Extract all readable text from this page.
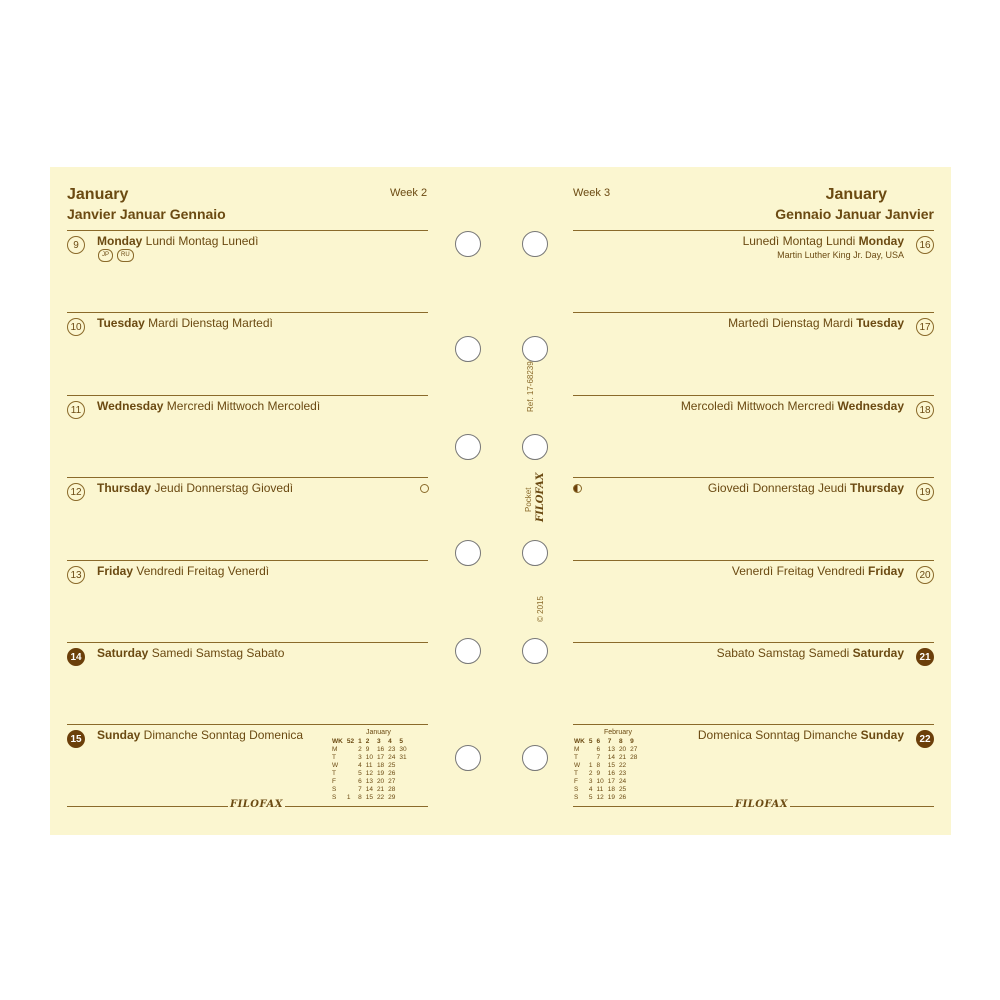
January
Janvier Januar Gennaio
Week 2	January
Gennaio Januar Janvier
Week 3
9	Monday Lundi Montag Lunedì
JP	RU
10 Tuesday Mardi Dienstag Martedì
11	Wednesday Mercredi Mittwoch Mercoledì
12 Thursday Jeudi Donnerstag Giovedì
13 Friday Vendredi Freitag Venerdì
14 Saturday Samedi Samstag Sabato
15 Sunday Dimanche Sonntag Domenica
16
Lunedì Montag Lundi Monday
Martin Luther King Jr. Day, USA
17
Martedì Dienstag Mardi Tuesday
18
Mercoledì Mittwoch Mercredi Wednesday
19
Giovedì Donnerstag Jeudi Thursday
20
Venerdì Freitag Vendredi Friday
21
Sabato Samstag Samedi Saturday
22
Domenica Sonntag Dimanche Sunday
FILOFAX	FILOFAX
January
WK	52	1	2	3	4	5
M		2	9	16	23	30
T		3	10	17	24	31
W		4	11	18	25	
T		5	12	19	26	
F		6	13	20	27	
S		7	14	21	28	
S	1	8	15	22	29	
February
WK	5	6	7	8	9
M		6	13	20	27
T		7	14	21	28
W	1	8	15	22	
T	2	9	16	23	
F	3	10	17	24	
S	4	11	18	25	
S	5	12	19	26	
Ref. 17-68239
Pocket FILOFAX
© 2015
